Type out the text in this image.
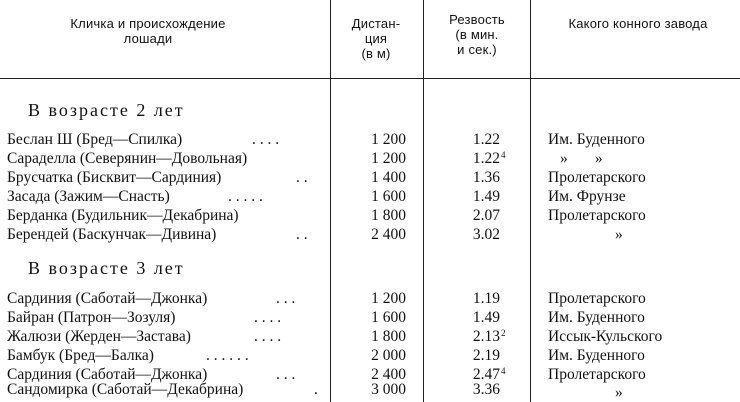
Кличка и происхождение
лошади
Дистан-
ция
(в м)
Резвость
(в мин.
и сек.)
Какого конного завода
В возрасте 2 лет
Беслан Ш (Бред—Спилка)	. . . .	1 200	1.22	Им. Буденного
Сараделла (Северянин—Довольная)	1 200	1.22 4	»       »
Брусчатка (Бисквит—Сардиния)	. .	1 400	1.36	Пролетарского
Засада (Зажим—Снасть)	. . . . .	1 600	1.49	Им. Фрунзе
Берданка (Будильник—Декабрина)	1 800	2.07	Пролетарского
Берендей (Баскунчак—Дивина)	. .	2 400	3.02	»
В возрасте 3 лет
Сардиния (Саботай—Джонка)	. . .	1 200	1.19	Пролетарского
Байран (Патрон—Зозуля)	. . . .	1 600	1.49	Им. Буденного
Жалюзи (Жерден—Застава)	. . . .	1 800	2.13 2	Иссык-Кульского
Бамбук (Бред—Балка)	. . . . . .	2 000	2.19	Им. Буденного
Сардиния (Саботай—Джонка)	. . .	2 400	2.47 4	Пролетарского
Сандомирка (Саботай—Декабрина)	.	3 000	3.36	»
